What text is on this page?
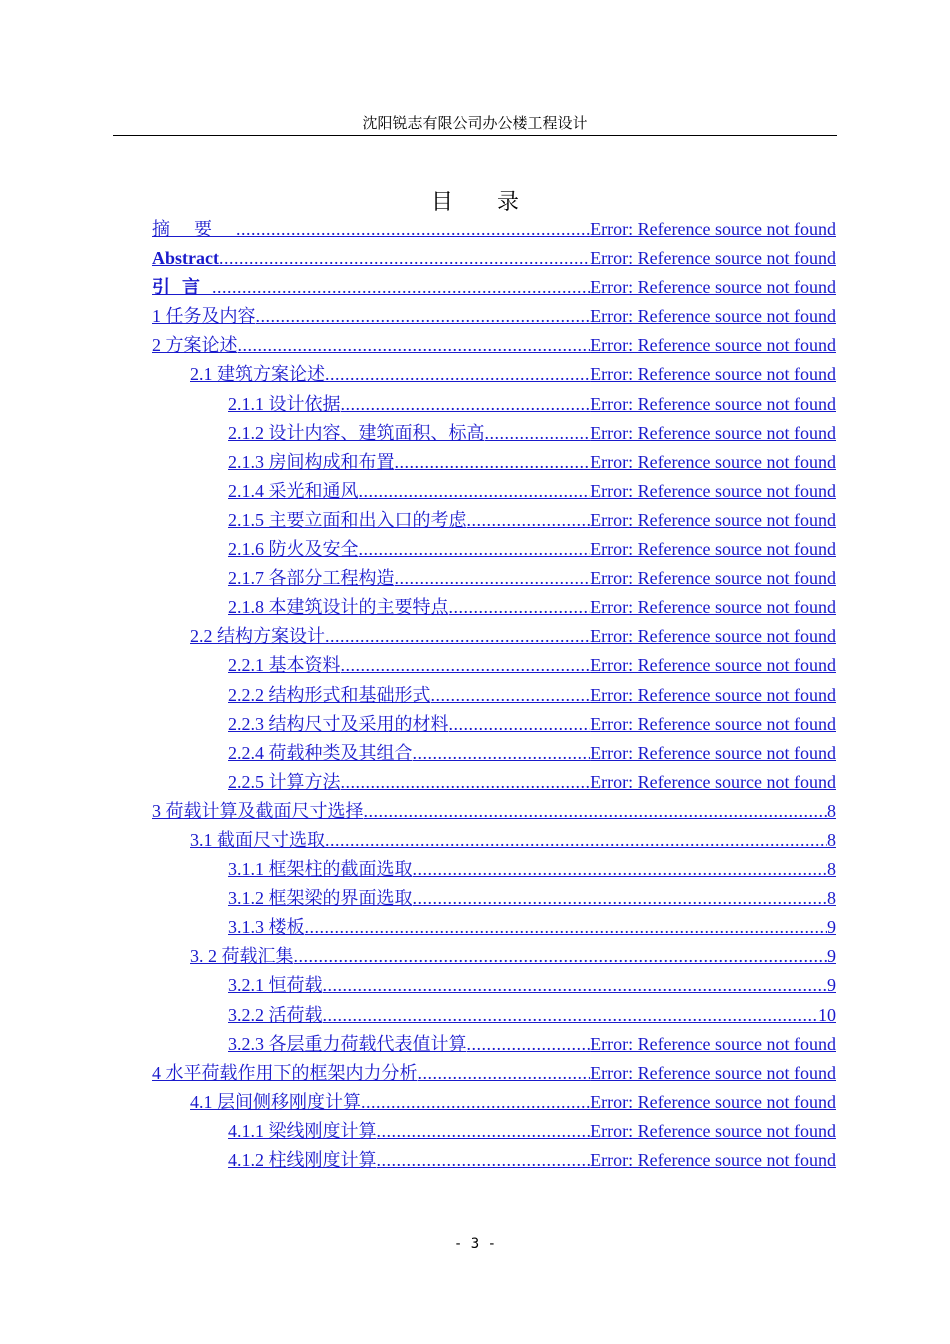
沈阳锐志有限公司办公楼工程设计
目录
摘要 .....	Error: Reference source not found
Abstract .....	Error: Reference source not found
引言 .....	Error: Reference source not found
1 任务及内容 .....	Error: Reference source not found
2 方案论述 .....	Error: Reference source not found
2.1 建筑方案论述 .....	Error: Reference source not found
2.1.1 设计依据 .....	Error: Reference source not found
2.1.2 设计内容、建筑面积、标高 .....	Error: Reference source not found
2.1.3 房间构成和布置 .....	Error: Reference source not found
2.1.4 采光和通风 .....	Error: Reference source not found
2.1.5 主要立面和出入口的考虑 .....	Error: Reference source not found
2.1.6 防火及安全 .....	Error: Reference source not found
2.1.7 各部分工程构造 .....	Error: Reference source not found
2.1.8 本建筑设计的主要特点 .....	Error: Reference source not found
2.2 结构方案设计 .....	Error: Reference source not found
2.2.1 基本资料 .....	Error: Reference source not found
2.2.2 结构形式和基础形式 .....	Error: Reference source not found
2.2.3 结构尺寸及采用的材料 .....	Error: Reference source not found
2.2.4 荷载种类及其组合 .....	Error: Reference source not found
2.2.5 计算方法 .....	Error: Reference source not found
3 荷载计算及截面尺寸选择 .....	8
3.1 截面尺寸选取 .....	8
3.1.1 框架柱的截面选取 .....	8
3.1.2 框架梁的界面选取 .....	8
3.1.3 楼板 .....	9
3. 2 荷载汇集 .....	9
3.2.1 恒荷载 .....	9
3.2.2 活荷载 .....	10
3.2.3 各层重力荷载代表值计算 .....	Error: Reference source not found
4 水平荷载作用下的框架内力分析 .....	Error: Reference source not found
4.1 层间侧移刚度计算 .....	Error: Reference source not found
4.1.1 梁线刚度计算 .....	Error: Reference source not found
4.1.2 柱线刚度计算 .....	Error: Reference source not found
- 3 -
